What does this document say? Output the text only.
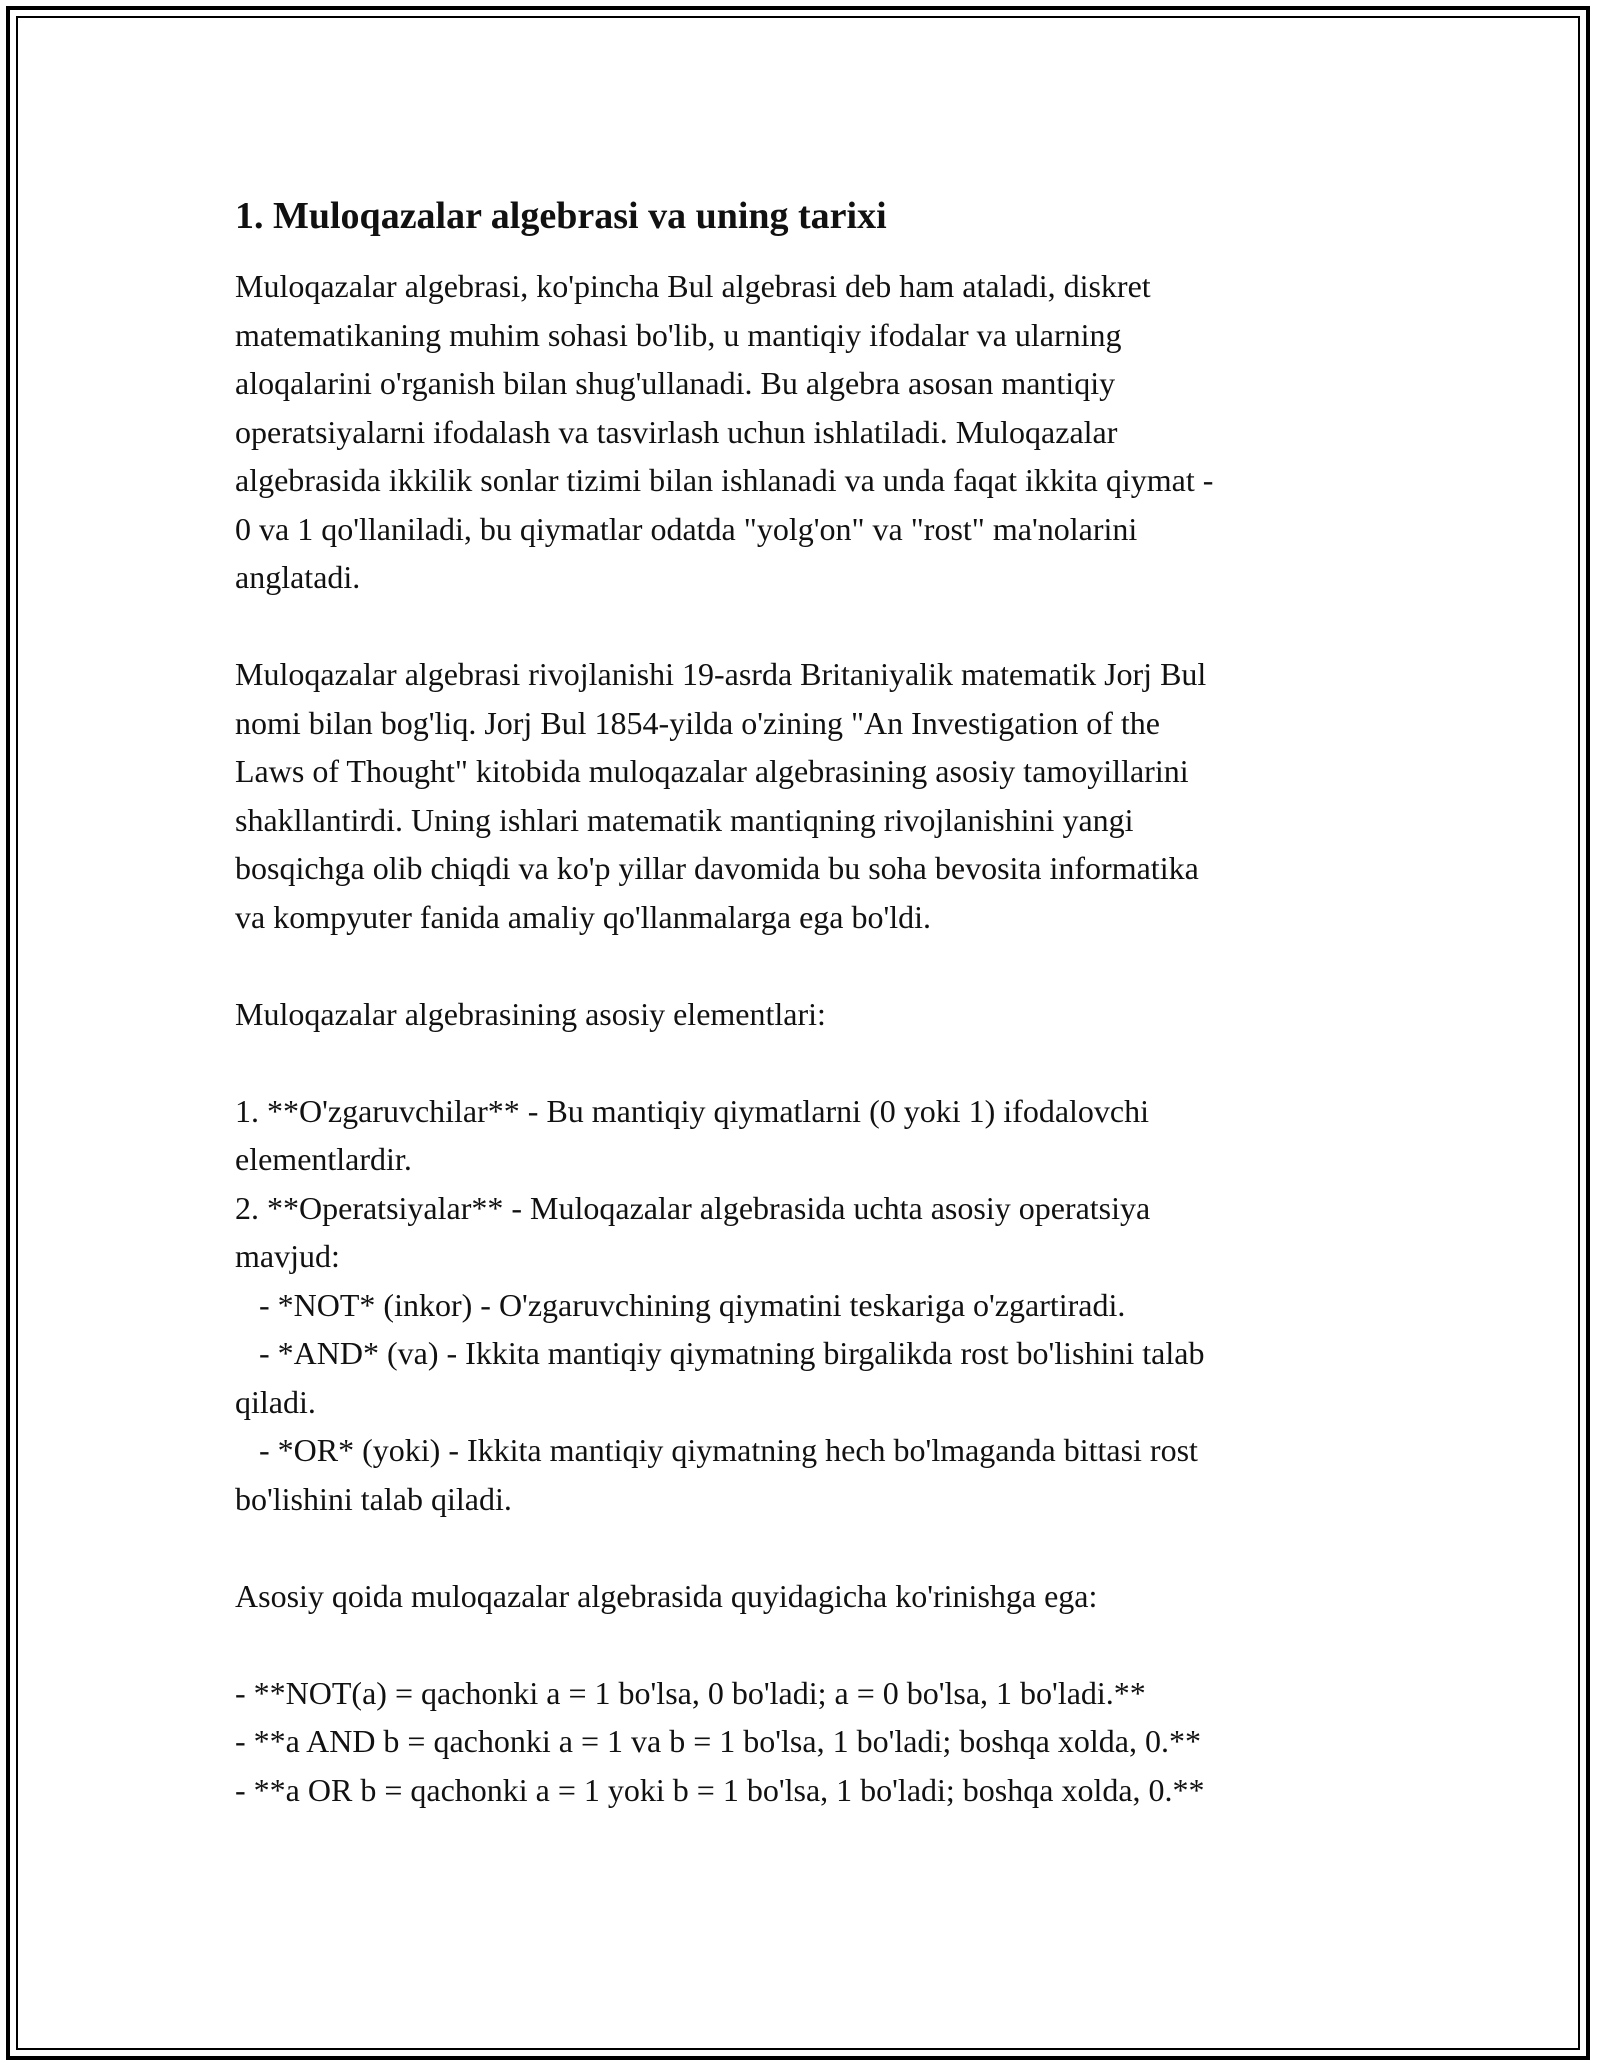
1. Muloqazalar algebrasi va uning tarixi

Muloqazalar algebrasi, ko'pincha Bul algebrasi deb ham ataladi, diskret
matematikaning muhim sohasi bo'lib, u mantiqiy ifodalar va ularning
aloqalarini o'rganish bilan shug'ullanadi. Bu algebra asosan mantiqiy
operatsiyalarni ifodalash va tasvirlash uchun ishlatiladi. Muloqazalar
algebrasida ikkilik sonlar tizimi bilan ishlanadi va unda faqat ikkita qiymat -
0 va 1 qo'llaniladi, bu qiymatlar odatda "yolg'on" va "rost" ma'nolarini
anglatadi.

Muloqazalar algebrasi rivojlanishi 19-asrda Britaniyalik matematik Jorj Bul
nomi bilan bog'liq. Jorj Bul 1854-yilda o'zining "An Investigation of the
Laws of Thought" kitobida muloqazalar algebrasining asosiy tamoyillarini
shakllantirdi. Uning ishlari matematik mantiqning rivojlanishini yangi
bosqichga olib chiqdi va ko'p yillar davomida bu soha bevosita informatika
va kompyuter fanida amaliy qo'llanmalarga ega bo'ldi.

Muloqazalar algebrasining asosiy elementlari:

1. **O'zgaruvchilar** - Bu mantiqiy qiymatlarni (0 yoki 1) ifodalovchi
elementlardir.

2. **Operatsiyalar** - Muloqazalar algebrasida uchta asosiy operatsiya
mavjud:

- *NOT* (inkor) - O'zgaruvchining qiymatini teskariga o'zgartiradi.

- *AND* (va) - Ikkita mantiqiy qiymatning birgalikda rost bo'lishini talab
qiladi.

- *OR* (yoki) - Ikkita mantiqiy qiymatning hech bo'lmaganda bittasi rost
bo'lishini talab qiladi.

Asosiy qoida muloqazalar algebrasida quyidagicha ko'rinishga ega:

- **NOT(a) = qachonki a = 1 bo'lsa, 0 bo'ladi; a = 0 bo'lsa, 1 bo'ladi.**

- **a AND b = qachonki a = 1 va b = 1 bo'lsa, 1 bo'ladi; boshqa xolda, 0.**

- **a OR b = qachonki a = 1 yoki b = 1 bo'lsa, 1 bo'ladi; boshqa xolda, 0.**
